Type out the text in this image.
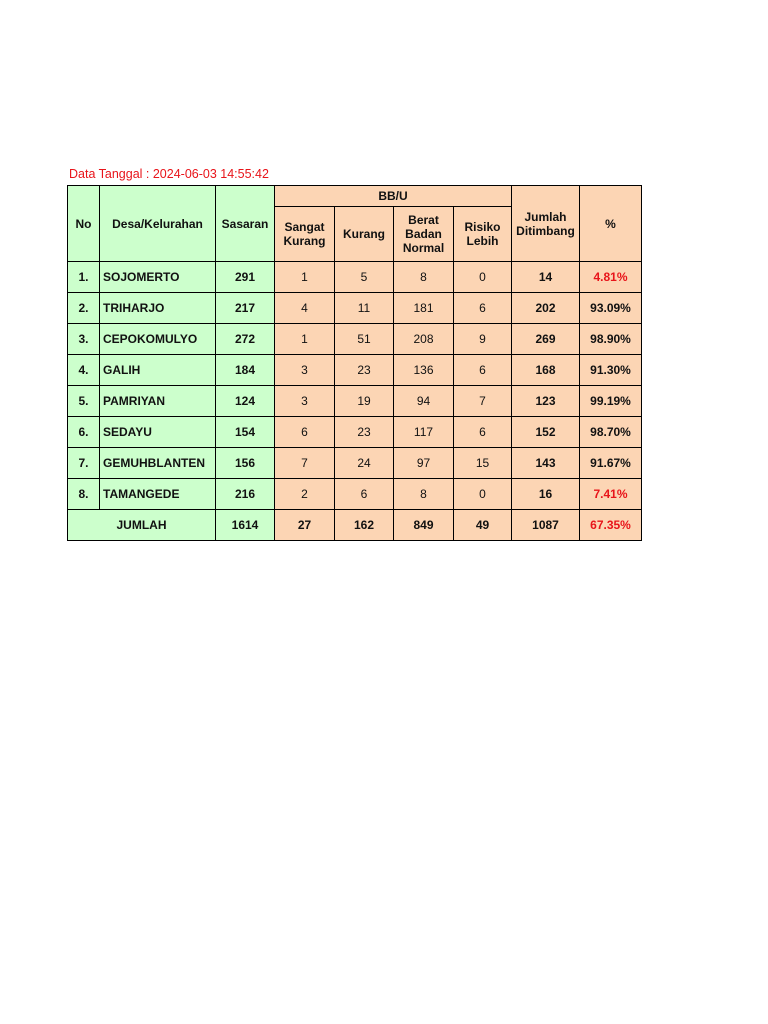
Data Tanggal : 2024-06-03 14:55:42
No	Desa/Kelurahan	Sasaran	BB/U				Jumlah Ditimbang	%
			Sangat Kurang	Kurang	Berat Badan Normal	Risiko Lebih		
1.	SOJOMERTO	291	1	5	8	0	14	4.81%
2.	TRIHARJO	217	4	11	181	6	202	93.09%
3.	CEPOKOMULYO	272	1	51	208	9	269	98.90%
4.	GALIH	184	3	23	136	6	168	91.30%
5.	PAMRIYAN	124	3	19	94	7	123	99.19%
6.	SEDAYU	154	6	23	117	6	152	98.70%
7.	GEMUHBLANTEN	156	7	24	97	15	143	91.67%
8.	TAMANGEDE	216	2	6	8	0	16	7.41%
JUMLAH		1614	27	162	849	49	1087	67.35%
